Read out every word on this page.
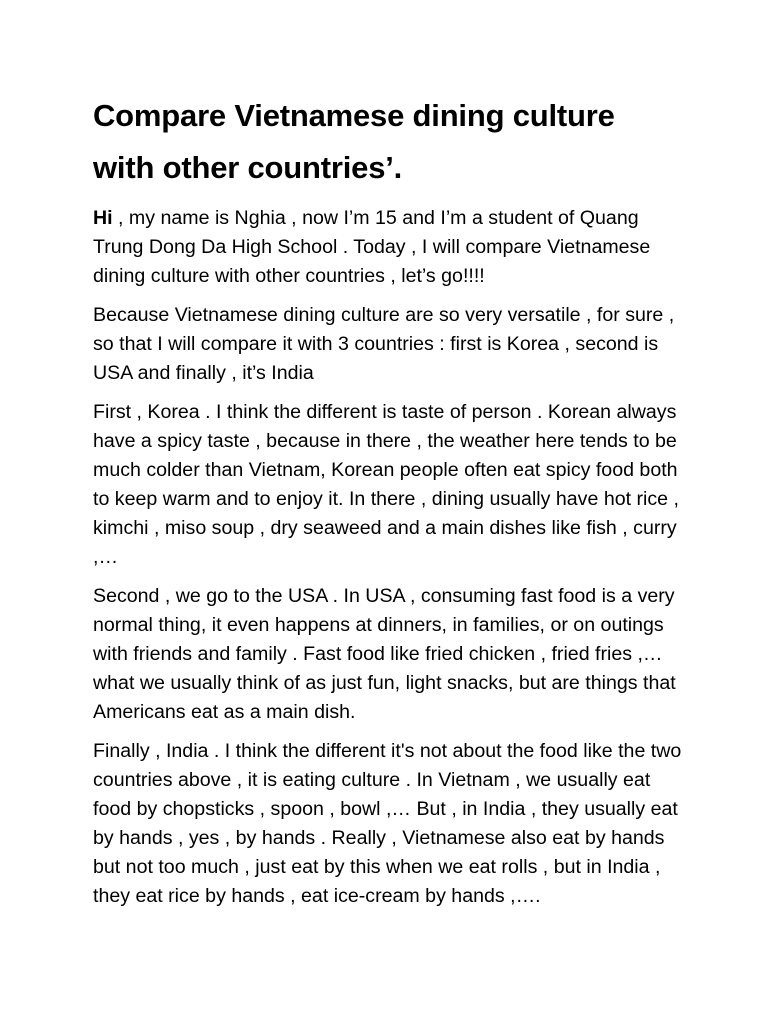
Compare Vietnamese dining culture with other countries’.

Hi , my name is Nghia , now I’m 15 and I’m a student of Quang Trung Dong Da High School . Today , I will compare Vietnamese dining culture with other countries , let’s go!!!!

Because Vietnamese dining culture are so very versatile , for sure , so that I will compare it with 3 countries : first is Korea , second is USA and finally , it’s India

First , Korea . I think the different is taste of person . Korean always have a spicy taste , because in there , the weather here tends to be much colder than Vietnam, Korean people often eat spicy food both to keep warm and to enjoy it. In there , dining usually have hot rice , kimchi , miso soup , dry seaweed and a main dishes like fish , curry ,…

Second , we go to the USA . In USA , consuming fast food is a very normal thing, it even happens at dinners, in families, or on outings with friends and family . Fast food like fried chicken , fried fries ,… what we usually think of as just fun, light snacks, but are things that Americans eat as a main dish.

Finally , India . I think the different it's not about the food like the two countries above , it is eating culture . In Vietnam , we usually eat food by chopsticks , spoon , bowl ,… But , in India , they usually eat by hands , yes , by hands . Really , Vietnamese also eat by hands but not too much , just eat by this when we eat rolls , but in India , they eat rice by hands , eat ice-cream by hands ,….
